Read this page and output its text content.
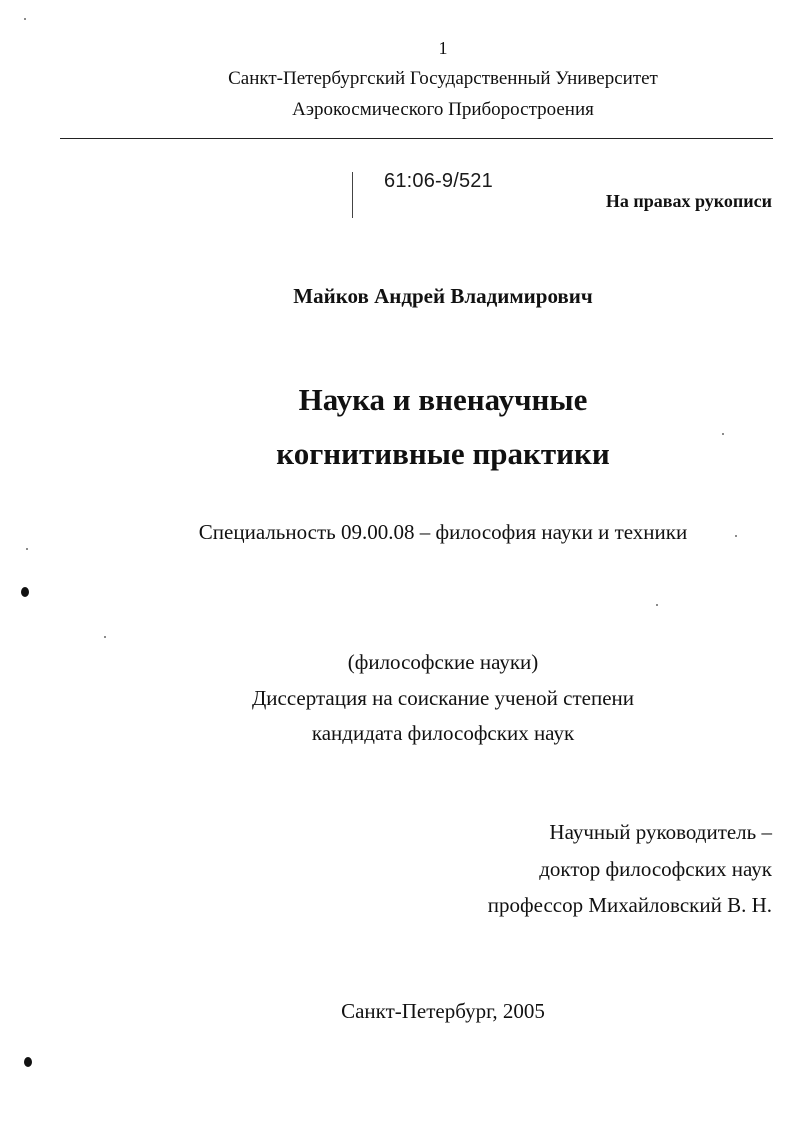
1
Санкт-Петербургский Государственный Университет
Аэрокосмического Приборостроения
61:06-9/521
На правах рукописи
Майков Андрей Владимирович
Наука и вненаучные
когнитивные практики
Специальность 09.00.08 – философия науки и техники
(философские науки)
Диссертация на соискание ученой степени
кандидата философских наук
Научный руководитель –
доктор философских наук
профессор Михайловский В. Н.
Санкт-Петербург, 2005
